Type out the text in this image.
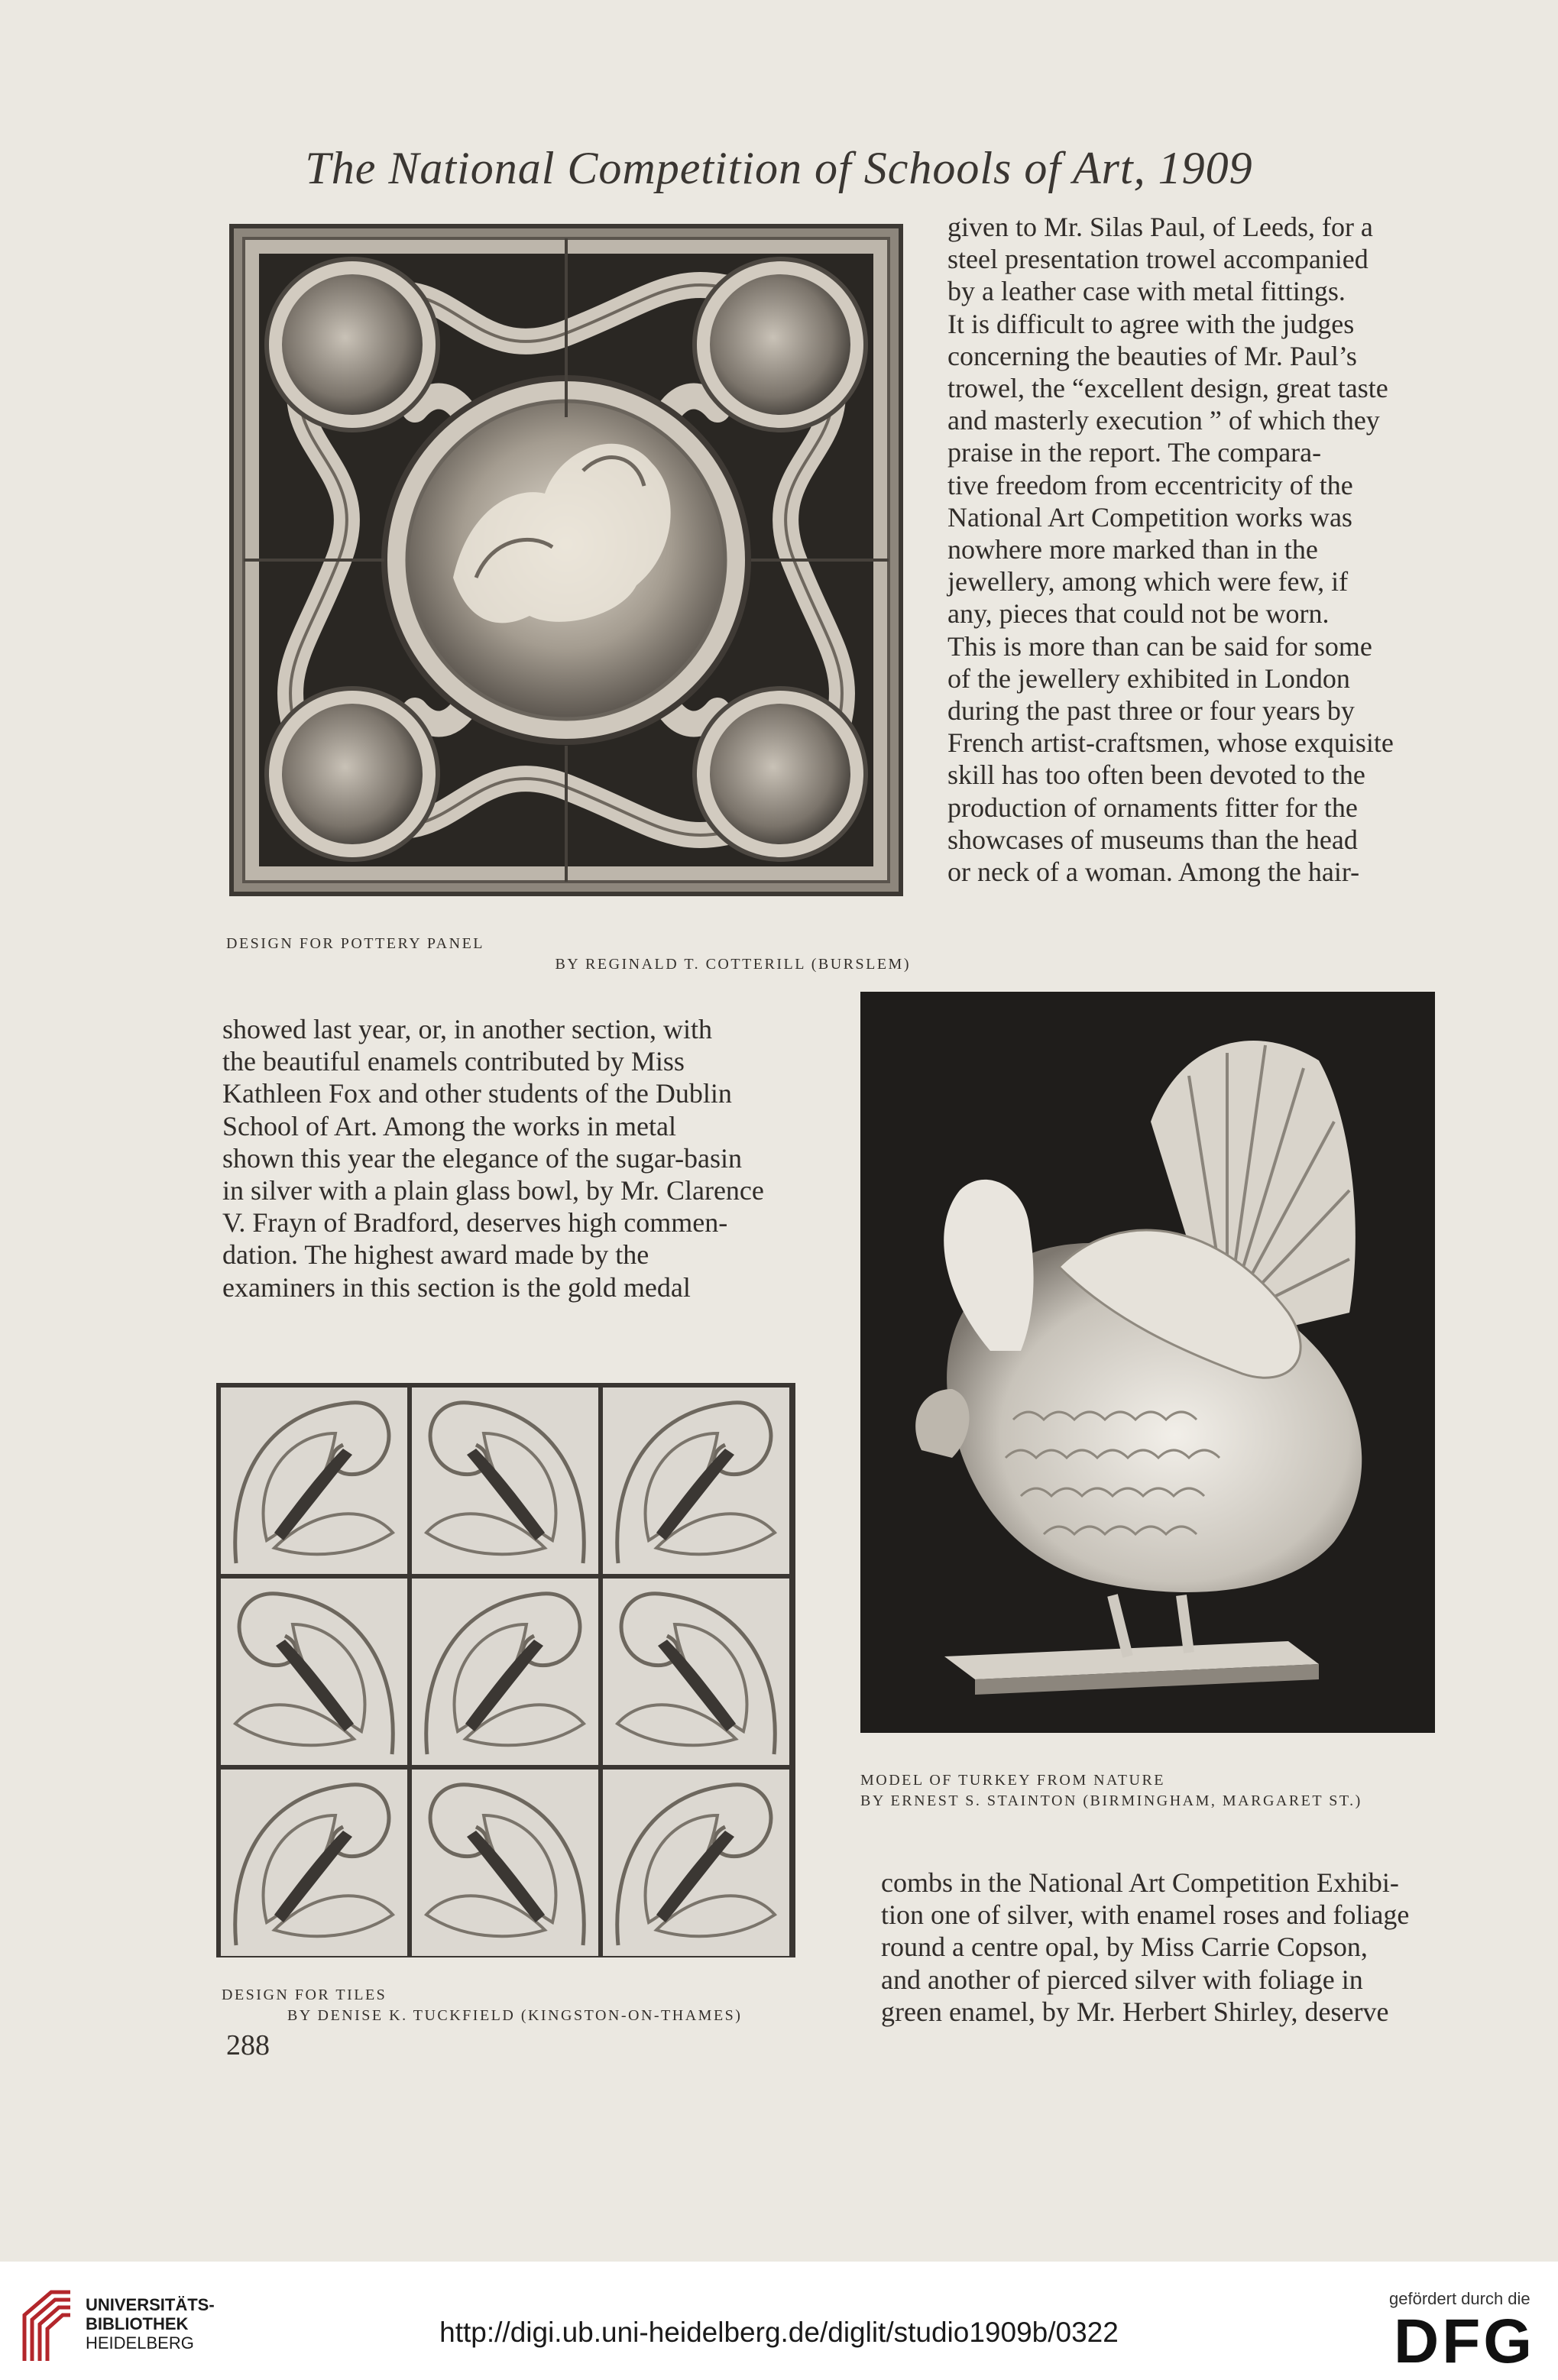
The National Competition of Schools of Art, 1909
DESIGN FOR POTTERY PANEL
BY REGINALD T. COTTERILL (BURSLEM)

given to Mr. Silas Paul, of Leeds, for a

steel presentation trowel accompanied

by a leather case with metal fittings.

It is difficult to agree with the judges

concerning the beauties of Mr. Paul’s

trowel, the “excellent design, great taste

and masterly execution ” of which they

praise in the report. The compara-

tive freedom from eccentricity of the

National Art Competition works was

nowhere more marked than in the

jewellery, among which were few, if

any, pieces that could not be worn.

This is more than can be said for some

of the jewellery exhibited in London

during the past three or four years by

French artist-craftsmen, whose exquisite

skill has too often been devoted to the

production of ornaments fitter for the

showcases of museums than the head

or neck of a woman. Among the hair-

showed last year, or, in another section, with

the beautiful enamels contributed by Miss

Kathleen Fox and other students of the Dublin

School of Art. Among the works in metal

shown this year the elegance of the sugar-basin

in silver with a plain glass bowl, by Mr. Clarence

V. Frayn of Bradford, deserves high commen-

dation. The highest award made by the

examiners in this section is the gold medal

MODEL OF TURKEY FROM NATURE
BY ERNEST S. STAINTON (BIRMINGHAM, MARGARET ST.)

combs in the National Art Competition Exhibi-

tion one of silver, with enamel roses and foliage

round a centre opal, by Miss Carrie Copson,

and another of pierced silver with foliage in

green enamel, by Mr. Herbert Shirley, deserve

DESIGN FOR TILES
BY DENISE K. TUCKFIELD (KINGSTON-ON-THAMES)
288
UNIVERSITÄTS-
BIBLIOTHEK
HEIDELBERG	http://digi.ub.uni-heidelberg.de/diglit/studio1909b/0322
gefördert durch die
DFG
